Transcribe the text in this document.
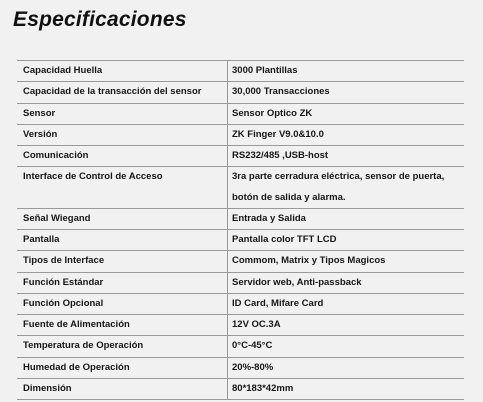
Especificaciones
Capacidad Huella	3000 Plantillas

Capacidad de la transacción del sensor	30,000 Transacciones

Sensor	Sensor Optico ZK

Versión	ZK Finger V9.0&10.0

Comunicación	RS232/485 ,USB-host

Interface de Control de Acceso	3ra parte cerradura eléctrica, sensor de puerta,
botón de salida y alarma.

Señal Wiegand	Entrada y Salida

Pantalla	Pantalla color TFT LCD

Tipos de Interface	Commom, Matrix y Tipos Magicos

Función Estándar	Servidor web, Anti-passback

Función Opcional	ID Card, Mifare Card

Fuente de Alimentación	12V OC.3A

Temperatura de Operación	0°C-45°C

Humedad de Operación	20%-80%

Dimensión	80*183*42mm
